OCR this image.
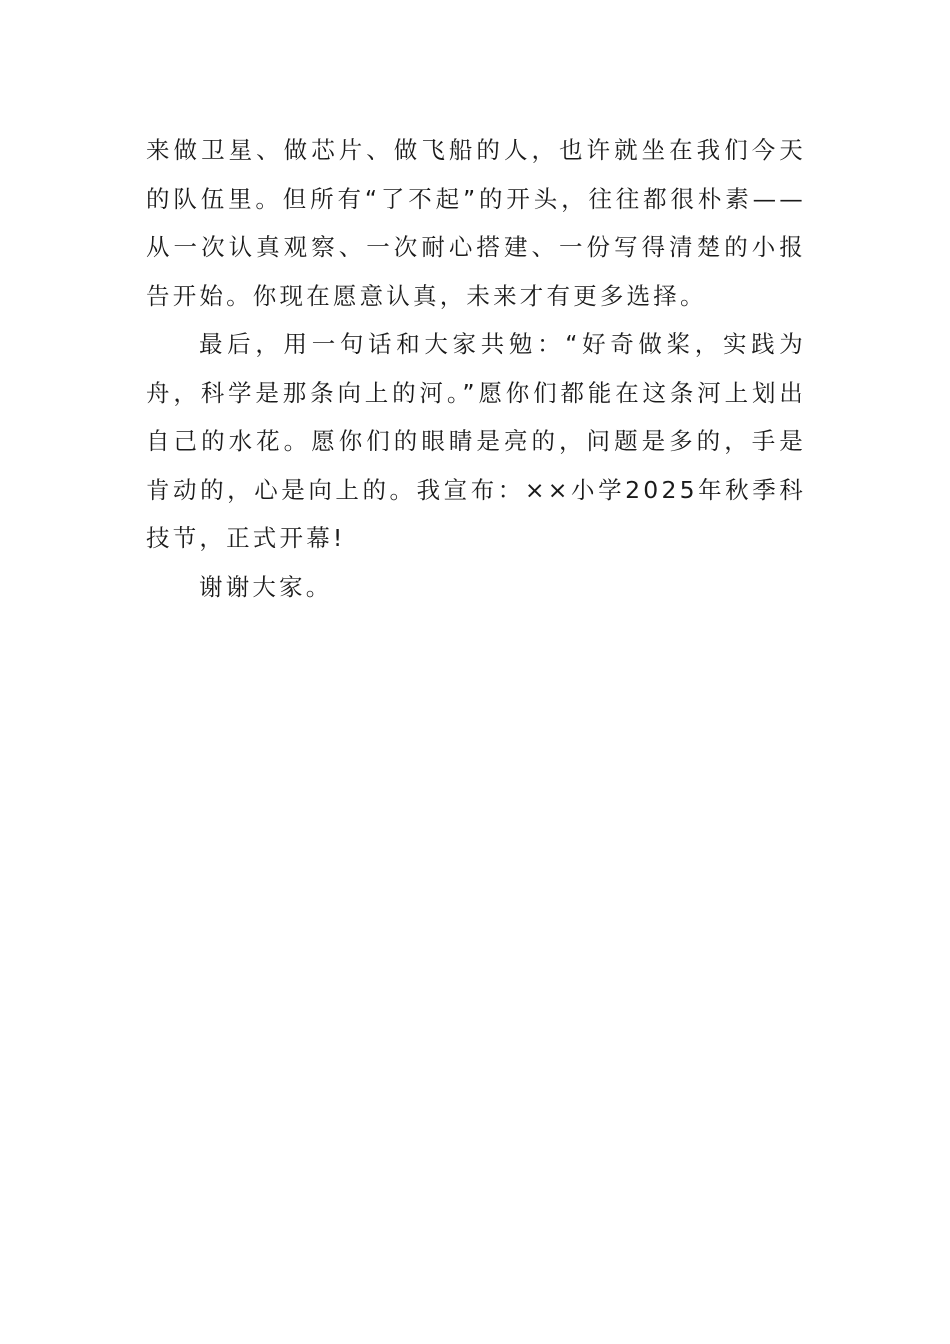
来做卫星、做芯片、做飞船的人，也许就坐在我们今天的队伍里。但所有“了不起”的开头，往往都很朴素——从一次认真观察、一次耐心搭建、一份写得清楚的小报告开始。你现在愿意认真，未来才有更多选择。

最后，用一句话和大家共勉：“好奇做桨，实践为舟，科学是那条向上的河。”愿你们都能在这条河上划出自己的水花。愿你们的眼睛是亮的，问题是多的，手是肯动的，心是向上的。我宣布：××小学2025年秋季科技节，正式开幕!

谢谢大家。
